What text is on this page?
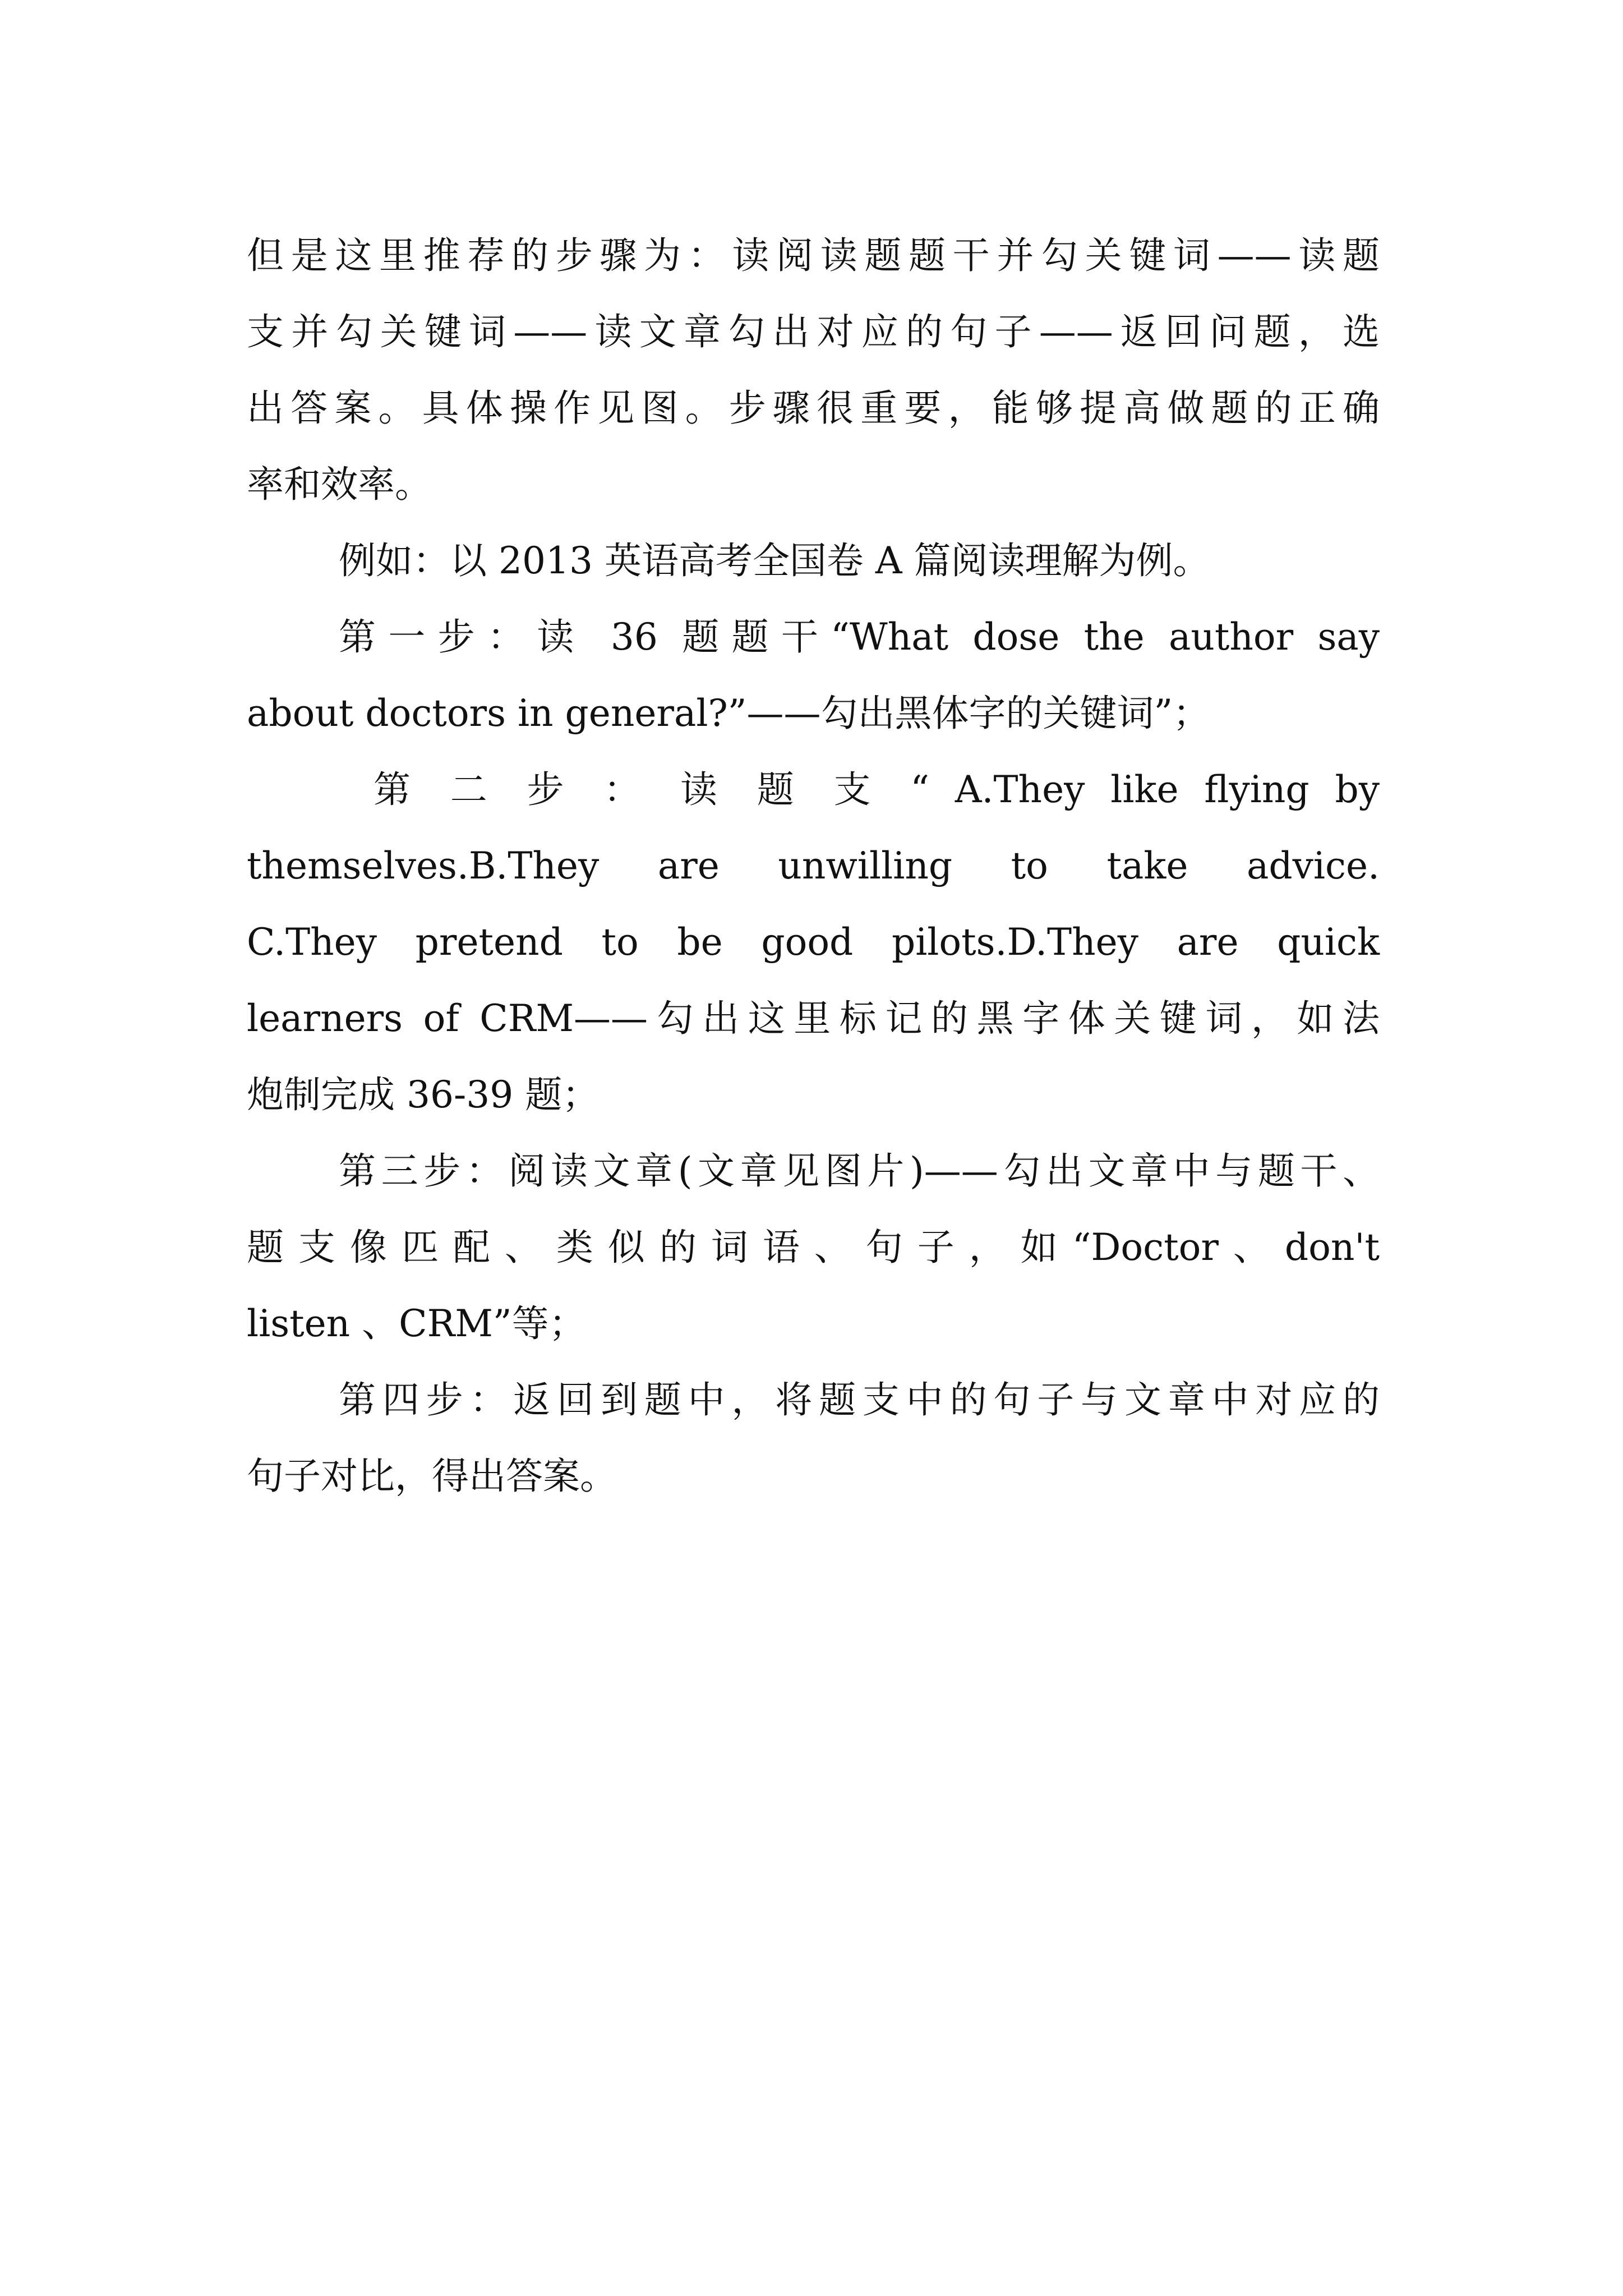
但是这里推荐的步骤为：读阅读题题干并勾关键词——读题
支并勾关键词——读文章勾出对应的句子——返回问题，选
出答案。具体操作见图。步骤很重要，能够提高做题的正确
率和效率。
例如：以 2013 英语高考全国卷 A 篇阅读理解为例。
第一步：读 36 题题干“What dose the author say
about doctors in general?”——勾出黑体字的关键词”；
第 二 步 ： 读 题 支 “ A.They like flying by
themselves.B.They are unwilling to take advice.
C.They pretend to be good pilots.D.They are quick
learners of CRM——勾出这里标记的黑字体关键词，如法
炮制完成 36-39 题；
第三步：阅读文章(文章见图片)——勾出文章中与题干、
题支像匹配、类似的词语、句子，如“Doctor、don't
listen 、CRM”等；
第四步：返回到题中，将题支中的句子与文章中对应的
句子对比，得出答案。
